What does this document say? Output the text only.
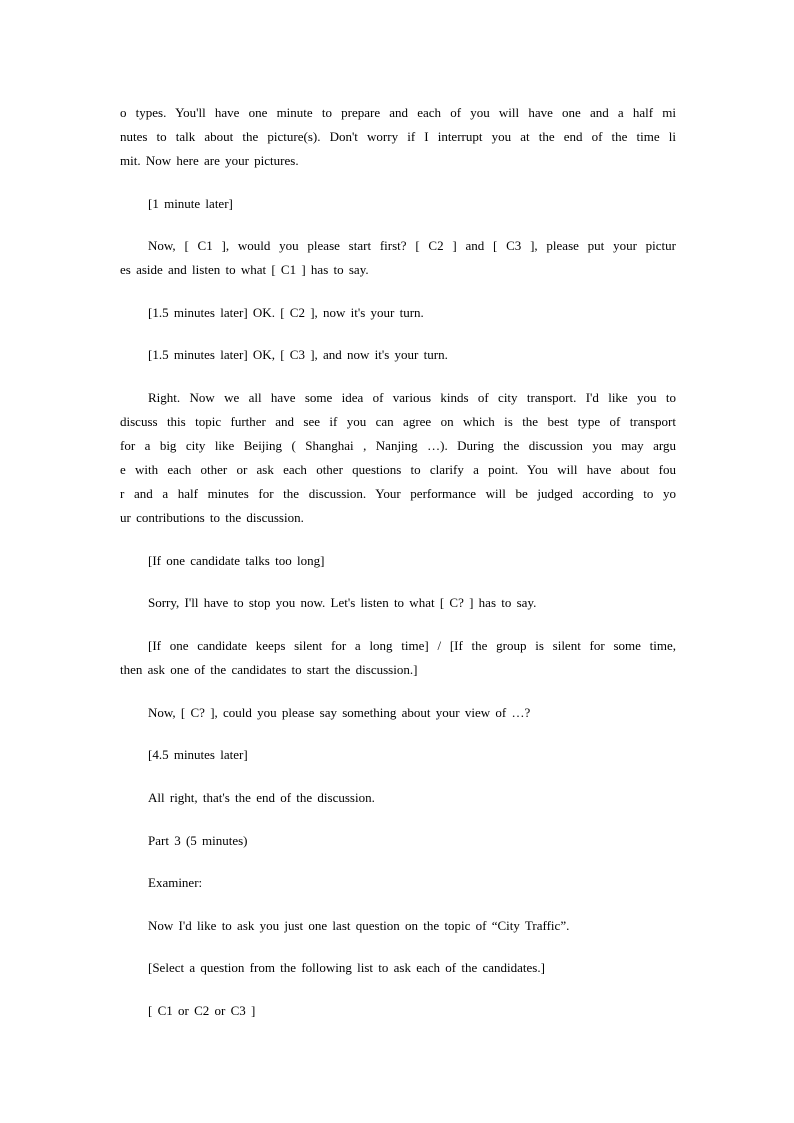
o types. You'll have one minute to prepare and each of you will have one and a half mi
nutes to talk about the picture(s). Don't worry if I interrupt you at the end of the time li
mit. Now here are your pictures.
[1 minute later]
Now, [ C1 ], would you please start first? [ C2 ] and [ C3 ], please put your pictur
es aside and listen to what [ C1 ] has to say.
[1.5 minutes later] OK. [ C2 ], now it's your turn.
[1.5 minutes later] OK, [ C3 ], and now it's your turn.
Right. Now we all have some idea of various kinds of city transport. I'd like you to
discuss this topic further and see if you can agree on which is the best type of transport
for a big city like Beijing ( Shanghai , Nanjing …). During the discussion you may argu
e with each other or ask each other questions to clarify a point. You will have about fou
r and a half minutes for the discussion. Your performance will be judged according to yo
ur contributions to the discussion.
[If one candidate talks too long]
Sorry, I'll have to stop you now. Let's listen to what [ C? ] has to say.
[If one candidate keeps silent for a long time] / [If the group is silent for some time,
then ask one of the candidates to start the discussion.]
Now, [ C? ], could you please say something about your view of …?
[4.5 minutes later]
All right, that's the end of the discussion.
Part 3 (5 minutes)
Examiner:
Now I'd like to ask you just one last question on the topic of “City Traffic”.
[Select a question from the following list to ask each of the candidates.]
[ C1 or C2 or C3 ]
